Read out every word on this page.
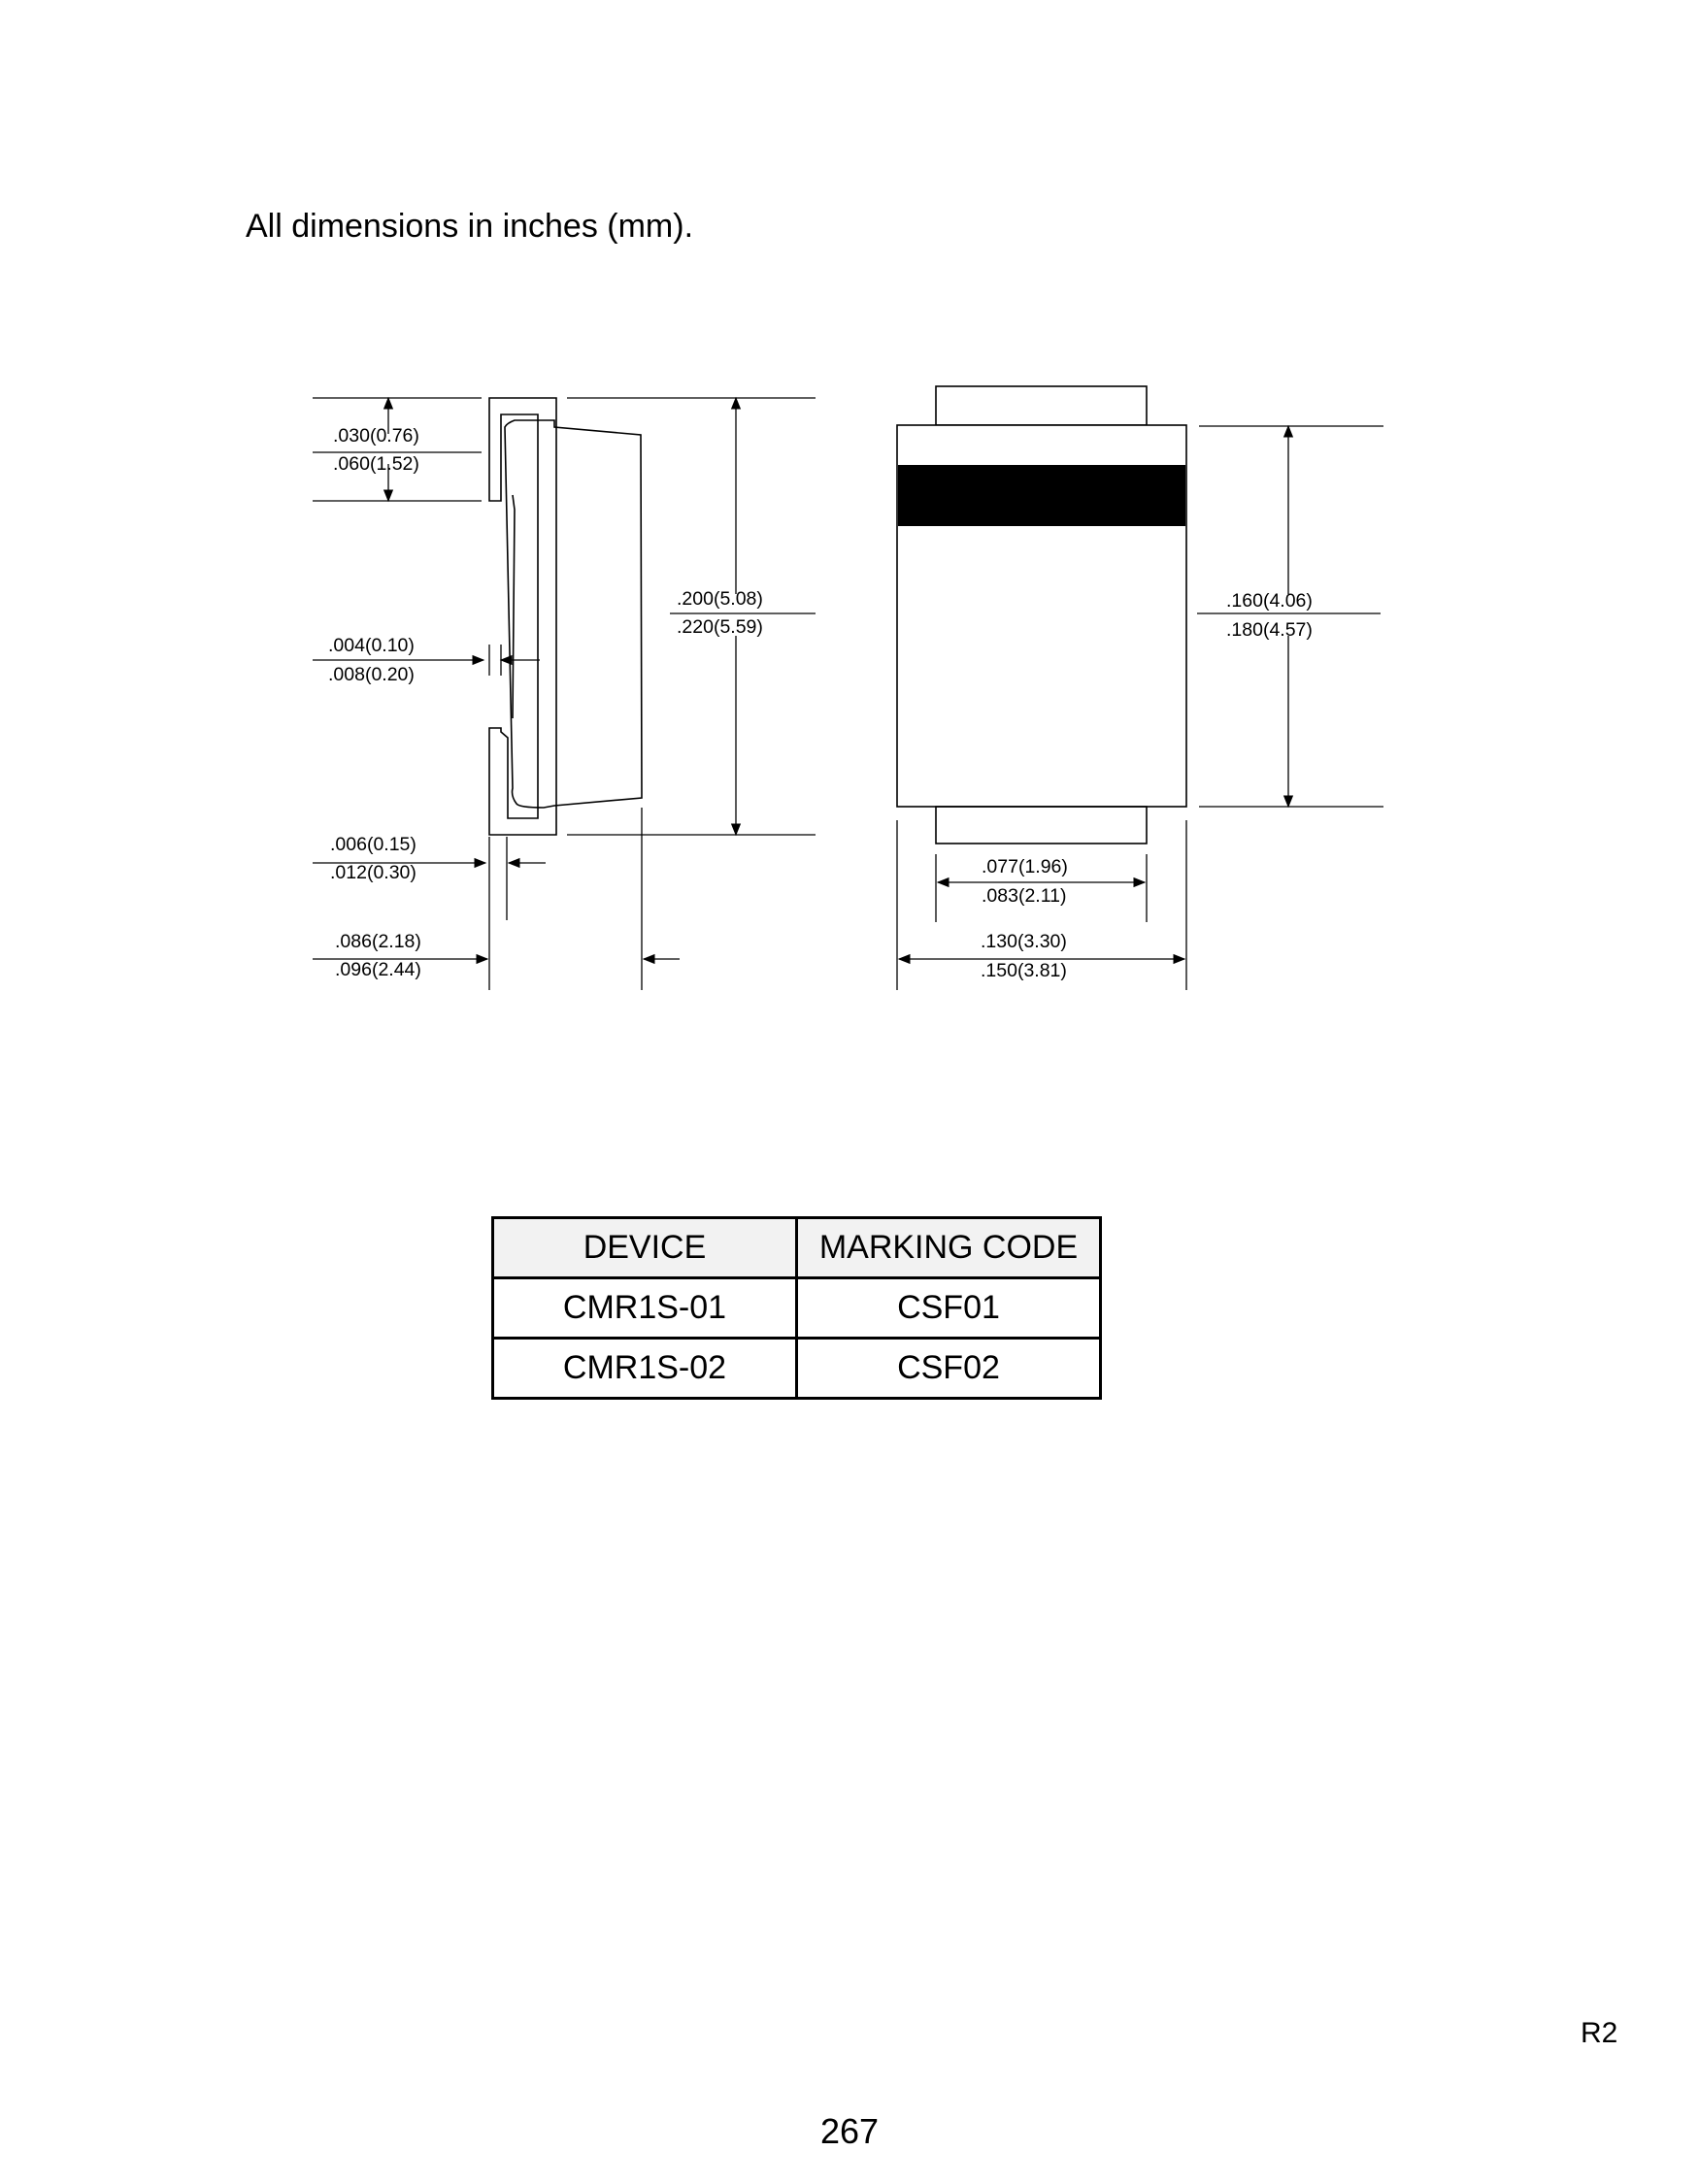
All dimensions in inches (mm).
.030(0.76)
.060(1.52)
.004(0.10)
.008(0.20)
.200(5.08)
.220(5.59)
.006(0.15)
.012(0.30)
.086(2.18)
.096(2.44)
.160(4.06)
.180(4.57)
.077(1.96)
.083(2.11)
.130(3.30)
.150(3.81)
DEVICE	MARKING CODE
CMR1S-01	CSF01
CMR1S-02	CSF02
R2
267
